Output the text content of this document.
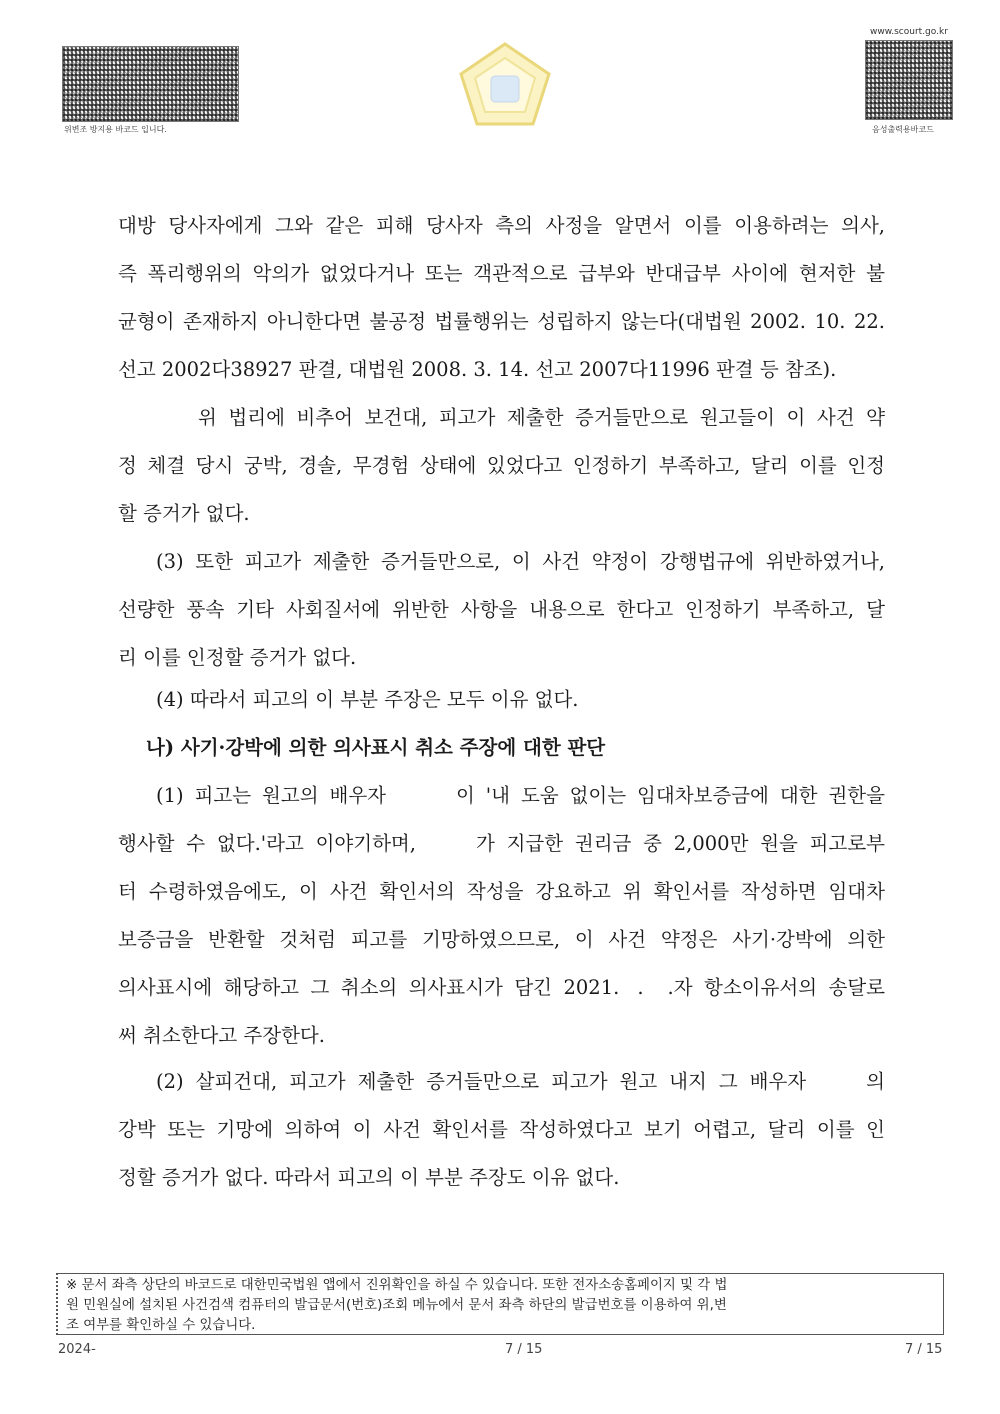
위변조 방지용 바코드 입니다.
www.scourt.go.kr
음성출력용바코드
대방 당사자에게 그와 같은 피해 당사자 측의 사정을 알면서 이를 이용하려는 의사,
즉 폭리행위의 악의가 없었다거나 또는 객관적으로 급부와 반대급부 사이에 현저한 불
균형이 존재하지 아니한다면 불공정 법률행위는 성립하지 않는다(대법원 2002. 10. 22.
선고 2002다38927 판결, 대법원 2008. 3. 14. 선고 2007다11996 판결 등 참조).
위 법리에 비추어 보건대, 피고가 제출한 증거들만으로 원고들이 이 사건 약
정 체결 당시 궁박, 경솔, 무경험 상태에 있었다고 인정하기 부족하고, 달리 이를 인정
할 증거가 없다.
(3) 또한 피고가 제출한 증거들만으로, 이 사건 약정이 강행법규에 위반하였거나,
선량한 풍속 기타 사회질서에 위반한 사항을 내용으로 한다고 인정하기 부족하고, 달
리 이를 인정할 증거가 없다.
(4) 따라서 피고의 이 부분 주장은 모두 이유 없다.
나) 사기·강박에 의한 의사표시 취소 주장에 대한 판단
(1) 피고는 원고의 배우자	이 '내 도움 없이는 임대차보증금에 대한 권한을
행사할 수 없다.'라고 이야기하며,	가 지급한 권리금 중 2,000만 원을 피고로부
터 수령하였음에도, 이 사건 확인서의 작성을 강요하고 위 확인서를 작성하면 임대차
보증금을 반환할 것처럼 피고를 기망하였으므로, 이 사건 약정은 사기·강박에 의한
의사표시에 해당하고 그 취소의 의사표시가 담긴 2021. . .자 항소이유서의 송달로
써 취소한다고 주장한다.
(2) 살피건대, 피고가 제출한 증거들만으로 피고가 원고 내지 그 배우자	의
강박 또는 기망에 의하여 이 사건 확인서를 작성하였다고 보기 어렵고, 달리 이를 인
정할 증거가 없다. 따라서 피고의 이 부분 주장도 이유 없다.
※ 문서 좌측 상단의 바코드로 대한민국법원 앱에서 진위확인을 하실 수 있습니다. 또한 전자소송홈페이지 및 각 법
원 민원실에 설치된 사건검색 컴퓨터의 발급문서(번호)조회 메뉴에서 문서 좌측 하단의 발급번호를 이용하여 위,변
조 여부를 확인하실 수 있습니다.
2024-	7 / 15	7 / 15
